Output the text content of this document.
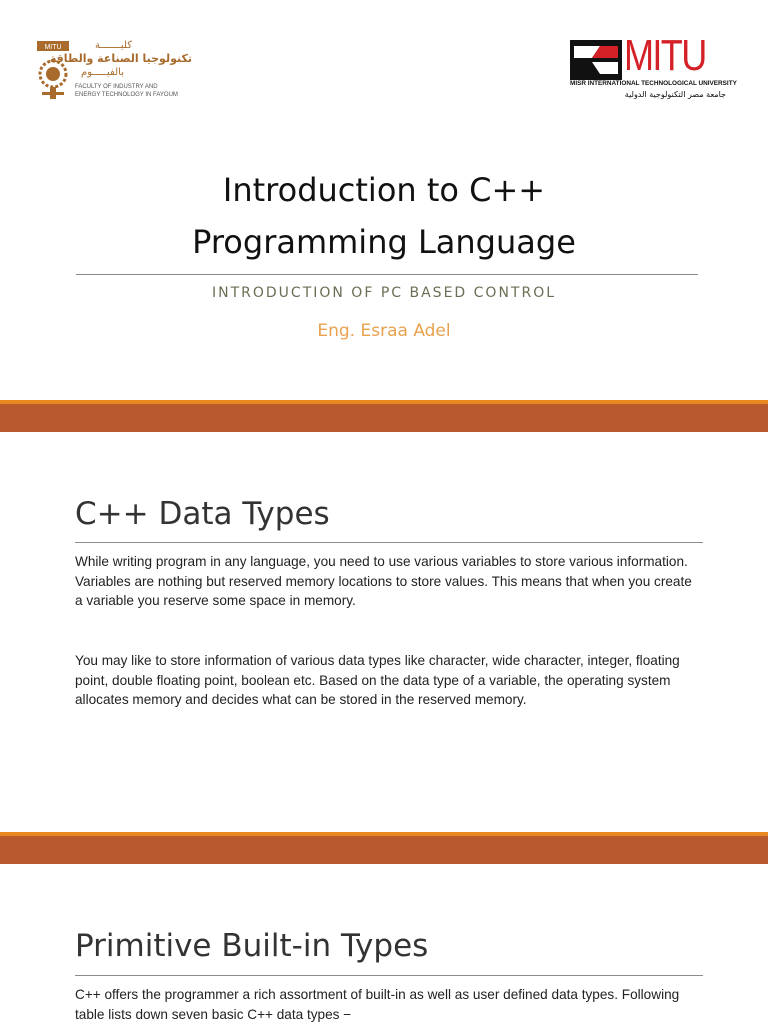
MITU	كليـــــــة
تكنولوجيا الصناعة والطاقة
بالفيـــــوم
FACULTY OF INDUSTRY AND
ENERGY TECHNOLOGY IN FAYOUM
MITU
MISR INTERNATIONAL TECHNOLOGICAL UNIVERSITY
جامعة مصر التكنولوجية الدولية
Introduction to C++
Programming Language
INTRODUCTION OF PC BASED CONTROL
Eng. Esraa Adel
C++ Data Types
While writing program in any language, you need to use various variables to store various information. Variables are nothing but reserved memory locations to store values. This means that when you create a variable you reserve some space in memory.
You may like to store information of various data types like character, wide character, integer, floating point, double floating point, boolean etc. Based on the data type of a variable, the operating system allocates memory and decides what can be stored in the reserved memory.
Primitive Built-in Types
C++ offers the programmer a rich assortment of built-in as well as user defined data types. Following table lists down seven basic C++ data types −
